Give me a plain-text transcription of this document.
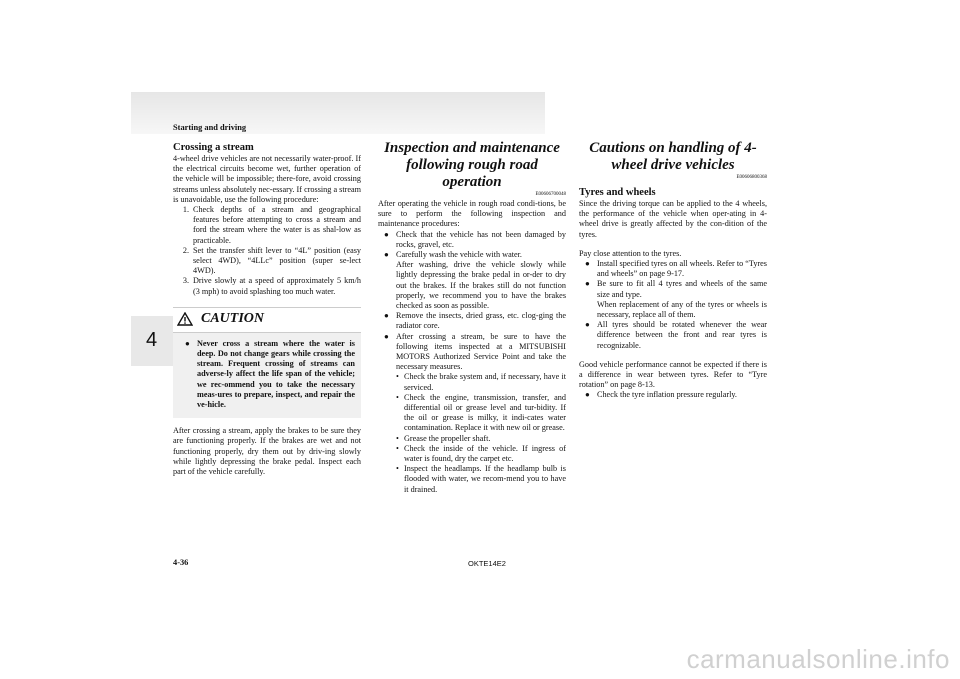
Starting and driving
4
Crossing a stream

4-wheel drive vehicles are not necessarily water-proof. If the electrical circuits become wet, further operation of the vehicle will be impossible; there-fore, avoid crossing streams unless absolutely nec-essary. If crossing a stream is unavoidable, use the following procedure:

1. Check depths of a stream and geographical features before attempting to cross a stream and ford the stream where the water is as shal-low as practicable.
2. Set the transfer shift lever to “4L” position (easy select 4WD), “4LLc” position (super se-lect 4WD).
3. Drive slowly at a speed of approximately 5 km/h (3 mph) to avoid splashing too much water.
CAUTION
● Never cross a stream where the water is deep. Do not change gears while crossing the stream. Frequent crossing of streams can adverse-ly affect the life span of the vehicle; we rec-ommend you to take the necessary meas-ures to prepare, inspect, and repair the ve-hicle.

After crossing a stream, apply the brakes to be sure they are functioning properly. If the brakes are wet and not functioning properly, dry them out by driv-ing slowly while lightly depressing the brake pedal. Inspect each part of the vehicle carefully.

Inspection and maintenance following rough road operation
E00606700048

After operating the vehicle in rough road condi-tions, be sure to perform the following inspection and maintenance procedures:

● Check that the vehicle has not been damaged by rocks, gravel, etc.
● Carefully wash the vehicle with water.
After washing, drive the vehicle slowly while lightly depressing the brake pedal in or-der to dry out the brakes. If the brakes still do not function properly, we recommend you to have the brakes checked as soon as possible.
● Remove the insects, dried grass, etc. clog-ging the radiator core.
● After crossing a stream, be sure to have the following items inspected at a MITSUBISHI MOTORS Authorized Service Point and take the necessary measures.
• Check the brake system and, if necessary, have it serviced.
• Check the engine, transmission, transfer, and differential oil or grease level and tur-bidity. If the oil or grease is milky, it indi-cates water contamination. Replace it with new oil or grease.
• Grease the propeller shaft.
• Check the inside of the vehicle. If ingress of water is found, dry the carpet etc.
• Inspect the headlamps. If the headlamp bulb is flooded with water, we recom-mend you to have it drained.
Cautions on handling of 4-wheel drive vehicles
E00606800368
Tyres and wheels

Since the driving torque can be applied to the 4 wheels, the performance of the vehicle when oper-ating in 4-wheel drive is greatly affected by the con-dition of the tyres.

Pay close attention to the tyres.

● Install specified tyres on all wheels. Refer to “Tyres and wheels” on page 9-17.
● Be sure to fit all 4 tyres and wheels of the same size and type.
When replacement of any of the tyres or wheels is necessary, replace all of them.
● All tyres should be rotated whenever the wear difference between the front and rear tyres is recognizable.

Good vehicle performance cannot be expected if there is a difference in wear between tyres. Refer to “Tyre rotation” on page 8-13.

● Check the tyre inflation pressure regularly.
4-36	OKTE14E2
carmanualsonline.info
